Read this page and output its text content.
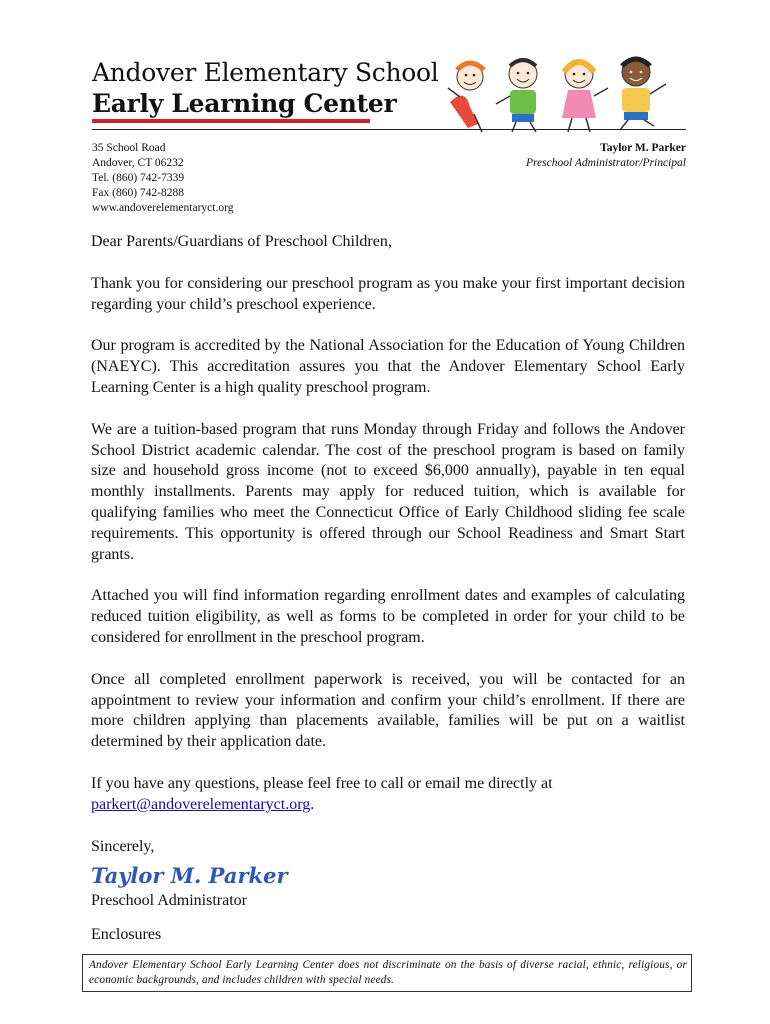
Andover Elementary School
Early Learning Center
35 School Road
Andover, CT 06232
Tel. (860) 742-7339
Fax (860) 742-8288
www.andoverelementaryct.org
Taylor M. Parker
Preschool Administrator/Principal

Dear Parents/Guardians of Preschool Children,

Thank you for considering our preschool program as you make your first important decision regarding your child’s preschool experience.

Our program is accredited by the National Association for the Education of Young Children (NAEYC). This accreditation assures you that the Andover Elementary School Early Learning Center is a high quality preschool program.

We are a tuition-based program that runs Monday through Friday and follows the Andover School District academic calendar. The cost of the preschool program is based on family size and household gross income (not to exceed $6,000 annually), payable in ten equal monthly installments. Parents may apply for reduced tuition, which is available for qualifying families who meet the Connecticut Office of Early Childhood sliding fee scale requirements. This opportunity is offered through our School Readiness and Smart Start grants.

Attached you will find information regarding enrollment dates and examples of calculating reduced tuition eligibility, as well as forms to be completed in order for your child to be considered for enrollment in the preschool program.

Once all completed enrollment paperwork is received, you will be contacted for an appointment to review your information and confirm your child’s enrollment. If there are more children applying than placements available, families will be put on a waitlist determined by their application date.

If you have any questions, please feel free to call or email me directly at
parkert@andoverelementaryct.org.

Sincerely,

Taylor M. Parker

Preschool Administrator

Enclosures

Andover Elementary School Early Learning Center does not discriminate on the basis of diverse racial, ethnic, religious, or economic backgrounds, and includes children with special needs.
